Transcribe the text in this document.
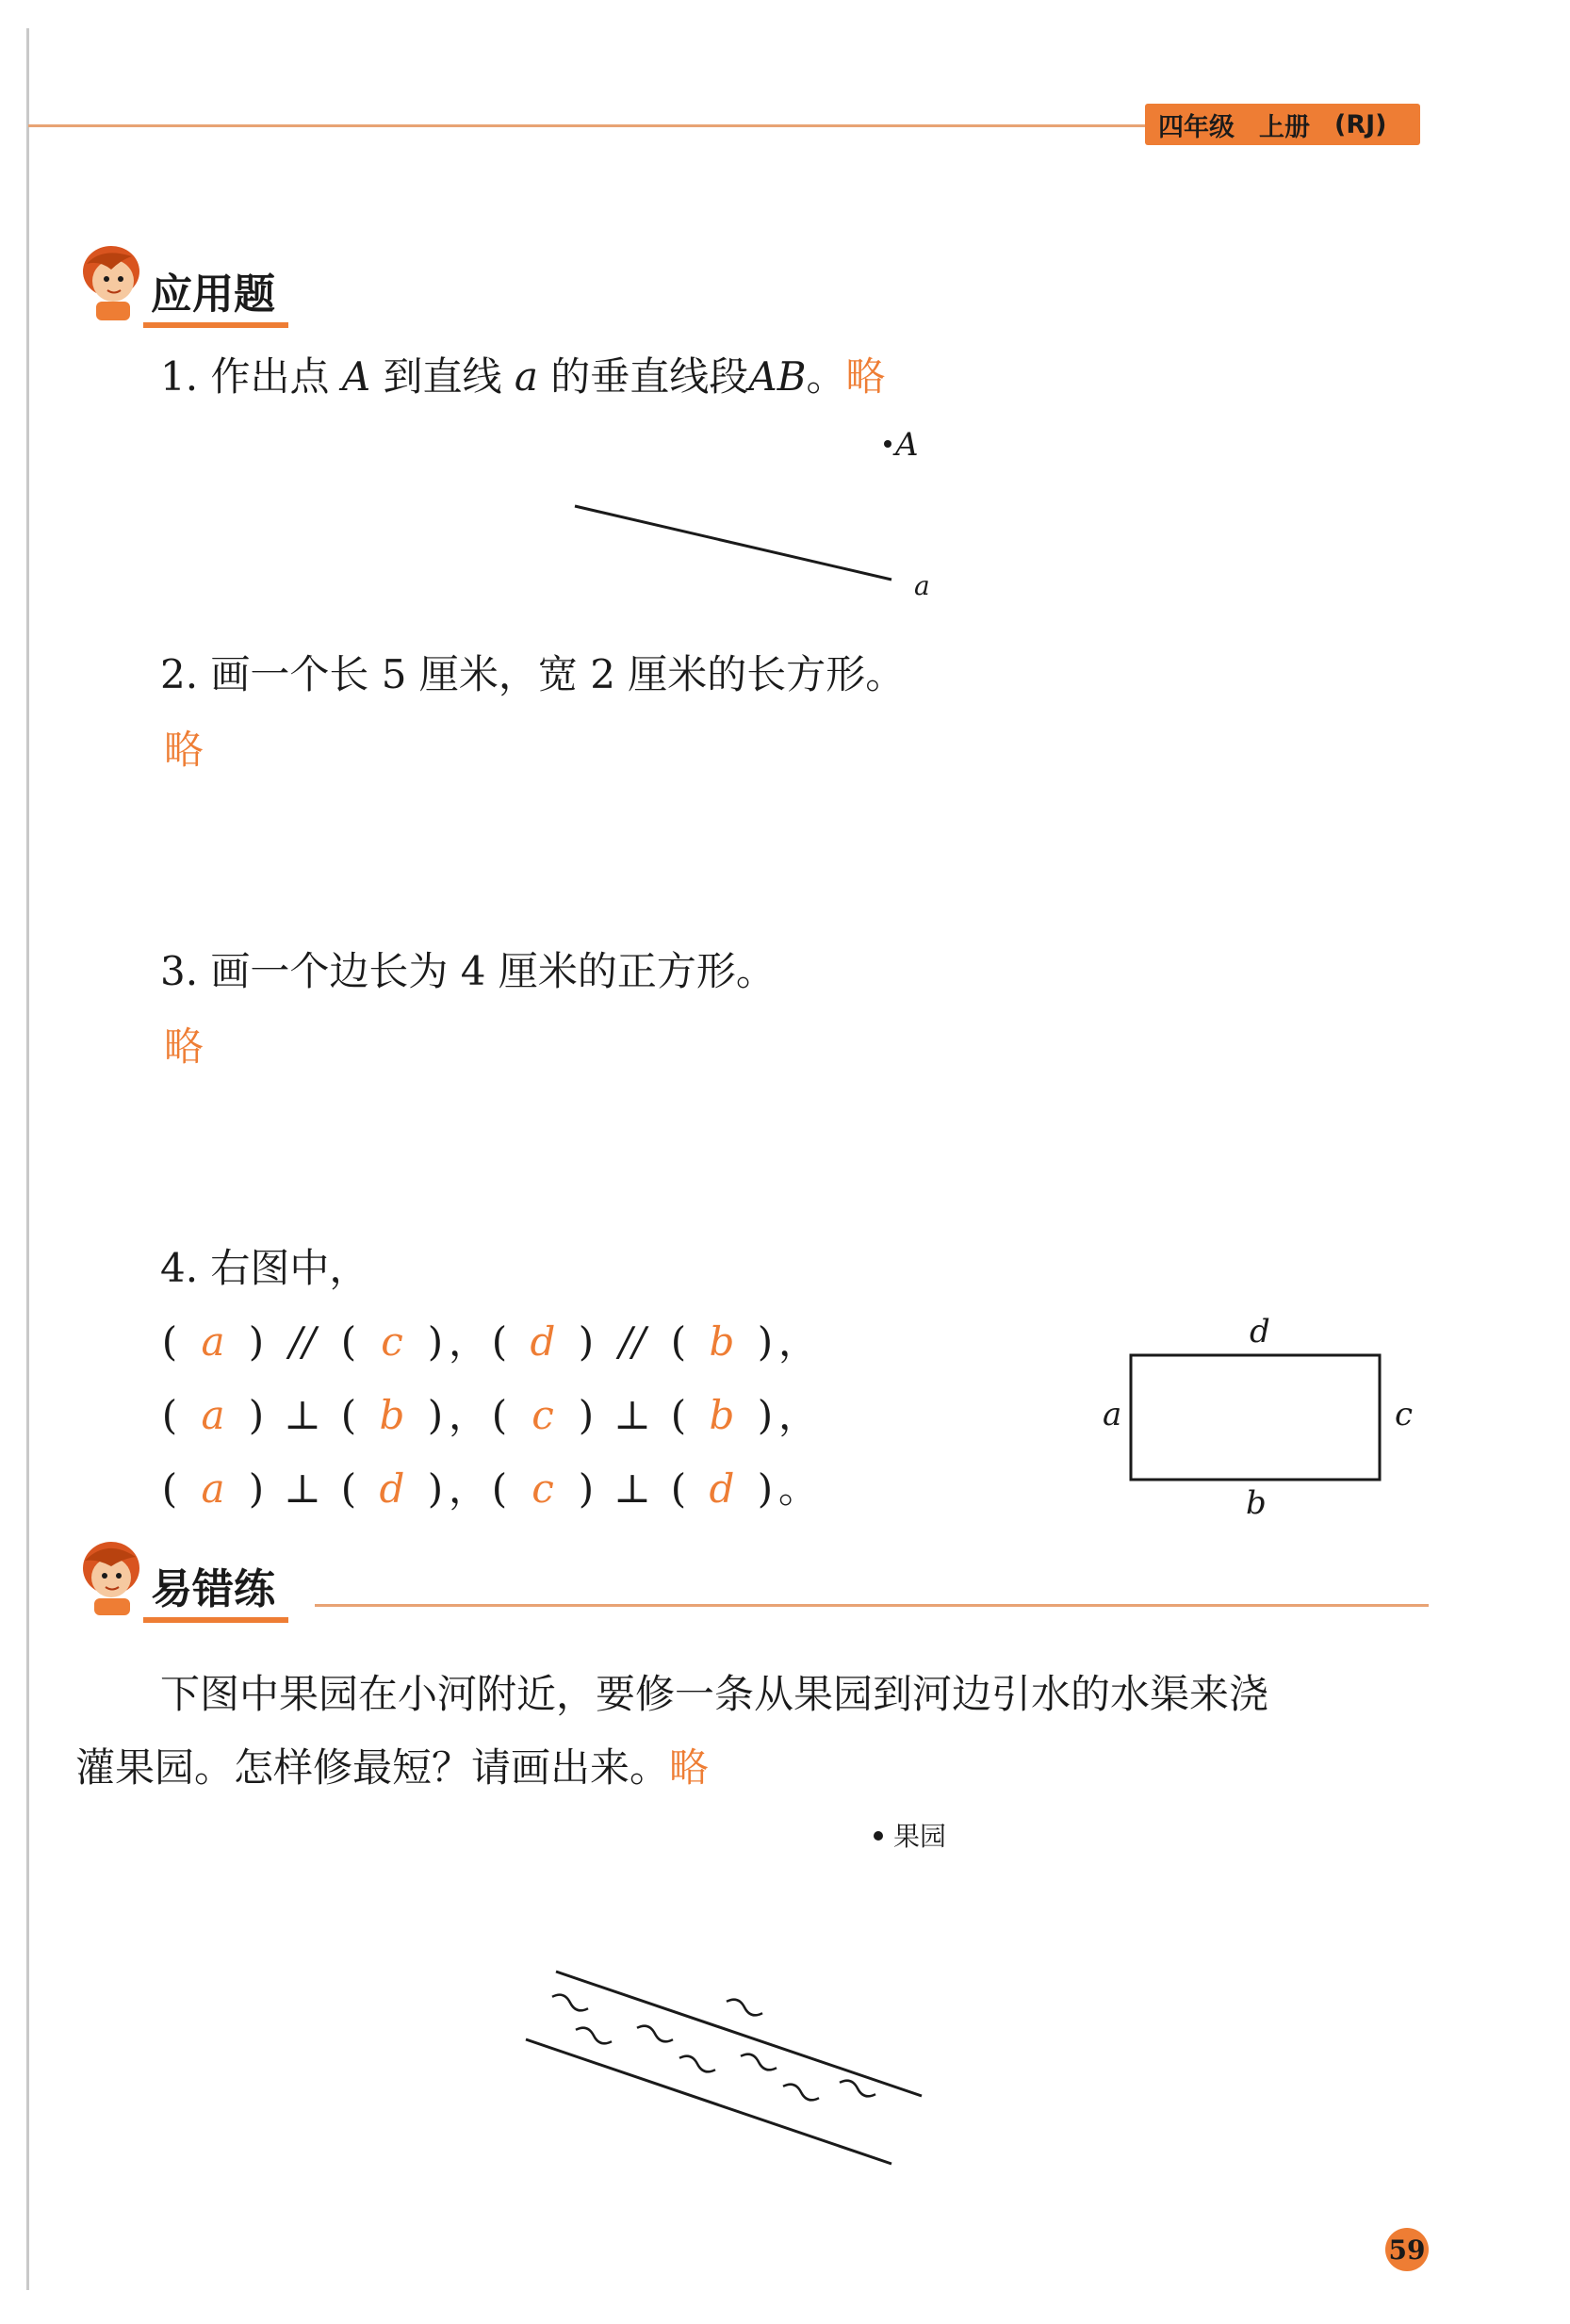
四年级 上册 (RJ)
应用题
1. 作出点 A 到直线 a 的垂直线段AB。略
A
a
2. 画一个长 5 厘米，宽 2 厘米的长方形。
略
3. 画一个边长为 4 厘米的正方形。
略
4. 右图中，
( a ) // ( c ) ，( d ) // ( b ) ，
( a ) ⊥ ( b ) ，( c ) ⊥ ( b ) ，
( a ) ⊥ ( d ) ，( c ) ⊥ ( d ) 。
d
a	c
b
易错练
下图中果园在小河附近，要修一条从果园到河边引水的水渠来浇
灌果园。怎样修最短？请画出来。略
果园
59
